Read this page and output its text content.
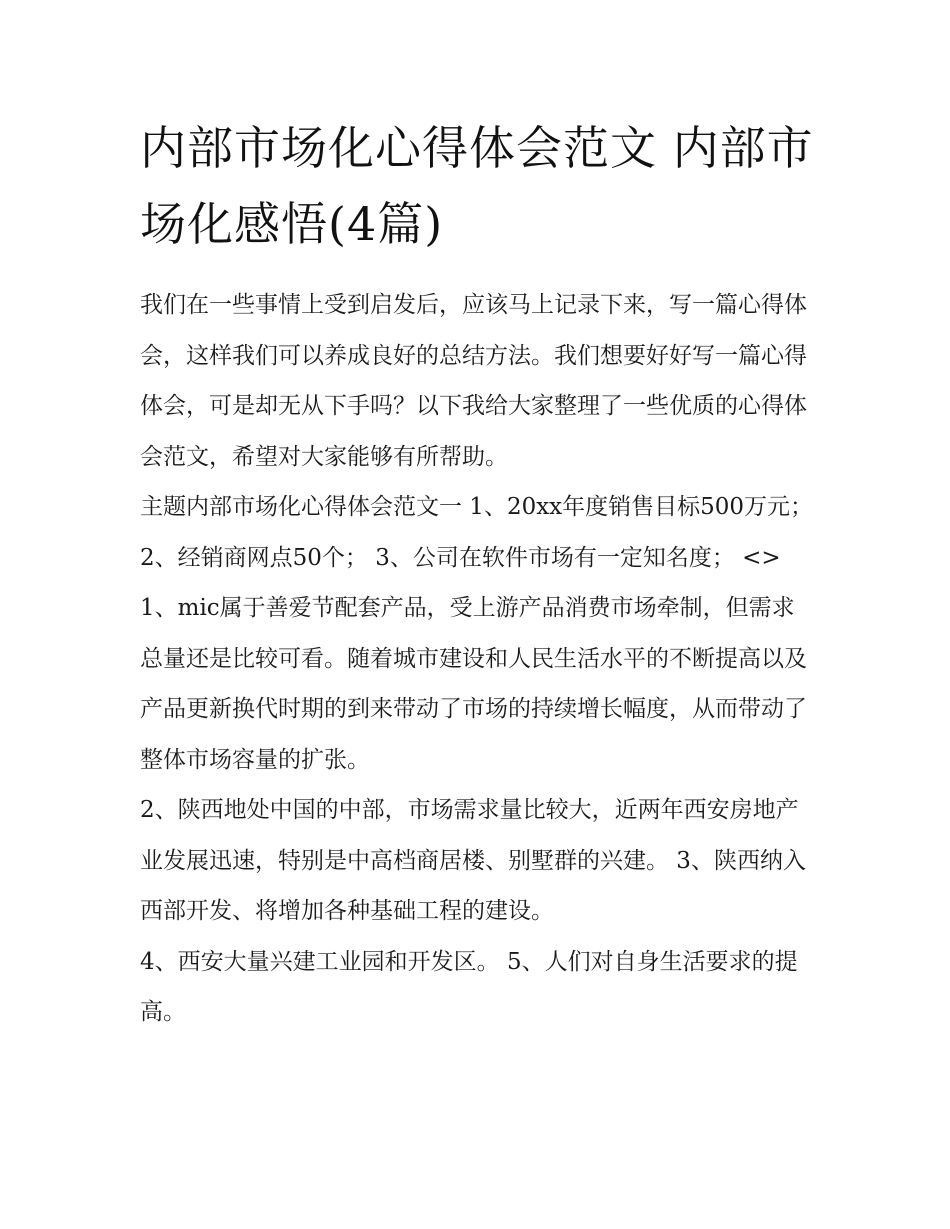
内部市场化心得体会范文 内部市场化感悟(4篇)

我们在一些事情上受到启发后，应该马上记录下来，写一篇心得体会，这样我们可以养成良好的总结方法。我们想要好好写一篇心得体会，可是却无从下手吗？以下我给大家整理了一些优质的心得体会范文，希望对大家能够有所帮助。

主题内部市场化心得体会范文一 1、20xx年度销售目标500万元； 2、经销商网点50个； 3、公司在软件市场有一定知名度； <>

1、mic属于善爱节配套产品，受上游产品消费市场牵制，但需求总量还是比较可看。随着城市建设和人民生活水平的不断提高以及产品更新换代时期的到来带动了市场的持续增长幅度，从而带动了整体市场容量的扩张。

2、陕西地处中国的中部，市场需求量比较大，近两年西安房地产业发展迅速，特别是中高档商居楼、别墅群的兴建。 3、陕西纳入西部开发、将增加各种基础工程的建设。

4、西安大量兴建工业园和开发区。 5、人们对自身生活要求的提高。
